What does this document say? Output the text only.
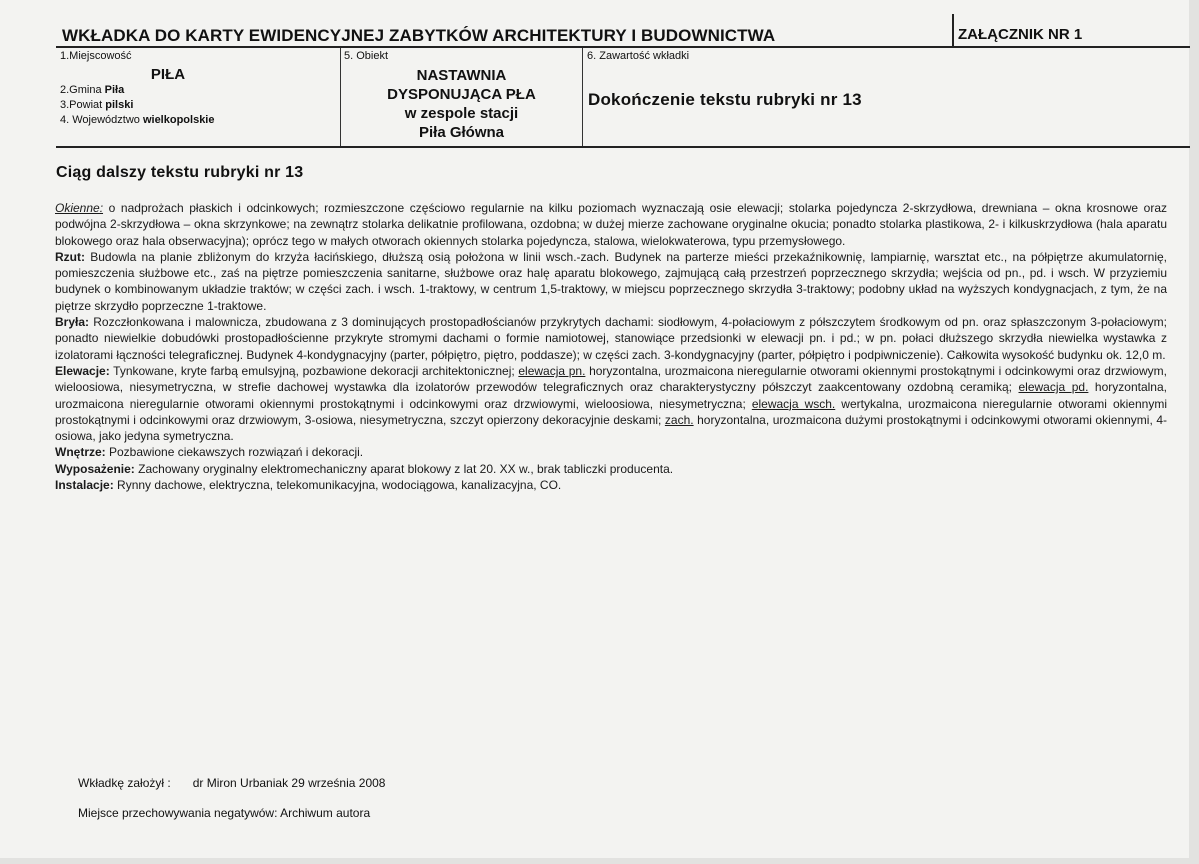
WKŁADKA DO KARTY EWIDENCYJNEJ ZABYTKÓW ARCHITEKTURY I BUDOWNICTWA	ZAŁĄCZNIK NR 1
1.Miejscowość
PIŁA
2.Gmina Piła
3.Powiat pilski
4. Województwo wielkopolskie
5. Obiekt
NASTAWNIA
DYSPONUJĄCA PŁA
w zespole stacji
Piła Główna
6. Zawartość wkładki
Dokończenie tekstu rubryki nr 13
Ciąg dalszy tekstu rubryki nr 13

Okienne: o nadprożach płaskich i odcinkowych; rozmieszczone częściowo regularnie na kilku poziomach wyznaczają osie elewacji; stolarka pojedyncza 2-skrzydłowa, drewniana – okna krosnowe oraz podwójna 2-skrzydłowa – okna skrzynkowe; na zewnątrz stolarka delikatnie profilowana, ozdobna; w dużej mierze zachowane oryginalne okucia; ponadto stolarka plastikowa, 2- i kilkuskrzydłowa (hala aparatu blokowego oraz hala obserwacyjna); oprócz tego w małych otworach okiennych stolarka pojedyncza, stalowa, wielokwaterowa, typu przemysłowego.

Rzut: Budowla na planie zbliżonym do krzyża łacińskiego, dłuższą osią położona w linii wsch.-zach. Budynek na parterze mieści przekaźnikownię, lampiarnię, warsztat etc., na półpiętrze akumulatornię, pomieszczenia służbowe etc., zaś na piętrze pomieszczenia sanitarne, służbowe oraz halę aparatu blokowego, zajmującą całą przestrzeń poprzecznego skrzydła; wejścia od pn., pd. i wsch. W przyziemiu budynek o kombinowanym układzie traktów; w części zach. i wsch. 1-traktowy, w centrum 1,5-traktowy, w miejscu poprzecznego skrzydła 3-traktowy; podobny układ na wyższych kondygnacjach, z tym, że na piętrze skrzydło poprzeczne 1-traktowe.

Bryła: Rozczłonkowana i malownicza, zbudowana z 3 dominujących prostopadłościanów przykrytych dachami: siodłowym, 4-połaciowym z półszczytem środkowym od pn. oraz spłaszczonym 3-połaciowym; ponadto niewielkie dobudówki prostopadłościenne przykryte stromymi dachami o formie namiotowej, stanowiące przedsionki w elewacji pn. i pd.; w pn. połaci dłuższego skrzydła niewielka wystawka z izolatorami łączności telegraficznej. Budynek 4-kondygnacyjny (parter, półpiętro, piętro, poddasze); w części zach. 3-kondygnacyjny (parter, półpiętro i podpiwniczenie). Całkowita wysokość budynku ok. 12,0 m.

Elewacje: Tynkowane, kryte farbą emulsyjną, pozbawione dekoracji architektonicznej; elewacja pn. horyzontalna, urozmaicona nieregularnie otworami okiennymi prostokątnymi i odcinkowymi oraz drzwiowym, wieloosiowa, niesymetryczna, w strefie dachowej wystawka dla izolatorów przewodów telegraficznych oraz charakterystyczny półszczyt zaakcentowany ozdobną ceramiką; elewacja pd. horyzontalna, urozmaicona nieregularnie otworami okiennymi prostokątnymi i odcinkowymi oraz drzwiowymi, wieloosiowa, niesymetryczna; elewacja wsch. wertykalna, urozmaicona nieregularnie otworami okiennymi prostokątnymi i odcinkowymi oraz drzwiowym, 3-osiowa, niesymetryczna, szczyt opierzony dekoracyjnie deskami; zach. horyzontalna, urozmaicona dużymi prostokątnymi i odcinkowymi otworami okiennymi, 4-osiowa, jako jedyna symetryczna.

Wnętrze: Pozbawione ciekawszych rozwiązań i dekoracji.

Wyposażenie: Zachowany oryginalny elektromechaniczny aparat blokowy z lat 20. XX w., brak tabliczki producenta.

Instalacje: Rynny dachowe, elektryczna, telekomunikacyjna, wodociągowa, kanalizacyjna, CO.

Wkładkę założył : dr Miron Urbaniak 29 września 2008
Miejsce przechowywania negatywów: Archiwum autora
